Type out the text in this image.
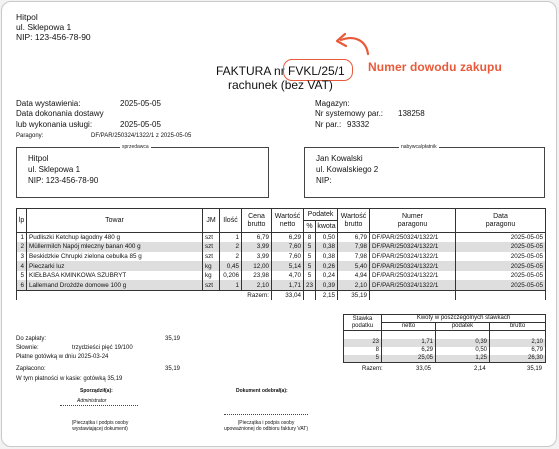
Hitpol
ul. Sklepowa 1
NIP: 123-456-78-90
Numer dowodu zakupu
FAKTURA nr FVKL/25/1
rachunek (bez VAT)
Data wystawienia:	2025-05-05
Data dokonania dostawy
lub wykonania usługi:	2025-05-05
Paragony:	DF/PAR/250324/1322/1 z 2025-05-05
Magazyn:
Nr systemowy par.: 138258
Nr par.: 93332
sprzedawca
Hitpol
ul. Sklepowa 1
NIP: 123-456-78-90
nabywca/płatnik
Jan Kowalski
ul. Kowalskiego 2
NIP:
lp	Towar	JM	Ilość	Cena
brutto	Wartość
netto	Podatek		Wartość
brutto	Numer
paragonu	Data
paragonu
						%	kwota			
1	Pudliszki Ketchup łagodny 480 g	szt	1	6,79	6,29	8	0,50	6,79	DF/PAR/250324/1322/1	2025-05-05
2	Müllermilch Napój mleczny banan 400 g	szt	2	3,99	7,60	5	0,38	7,98	DF/PAR/250324/1322/1	2025-05-05
3	Beskidzkie Chrupki zielona cebulka 85 g	szt	2	3,99	7,60	5	0,38	7,98	DF/PAR/250324/1322/1	2025-05-05
4	Pieczarki luz	kg	0,45	12,00	5,14	5	0,26	5,40	DF/PAR/250324/1322/1	2025-05-05
5	KIEŁBASA KMINKOWA SZUBRYT	kg	0,206	23,98	4,70	5	0,24	4,94	DF/PAR/250324/1322/1	2025-05-05
6	Lallemand Drożdże domowe 100 g	szt	1	2,10	1,71	23	0,39	2,10	DF/PAR/250324/1322/1	2025-05-05
Razem:					33,04		2,15	35,19		
Do zapłaty:	35,19
Słownie:	trzydzieści pięć 19/100
Płatne gotówką w dniu 2025-03-24
Zapłacono:	35,19
W tym płatności w kasie: gotówką 35,19
Stawka
podatku	Kwoty w poszczególnych stawkach		
	netto	podatek	brutto

23	1,71	0,39	2,10
8	6,29	0,50	6,79
5	25,05	1,25	26,30
Razem:	33,05	2,14	35,19
Sporządził(a):
Administrator
(Pieczątka i podpis osoby
wystawiającej dokument)
Dokument odebrał(a):
(Pieczątka i podpis osoby
upoważnionej do odbioru faktury VAT)
